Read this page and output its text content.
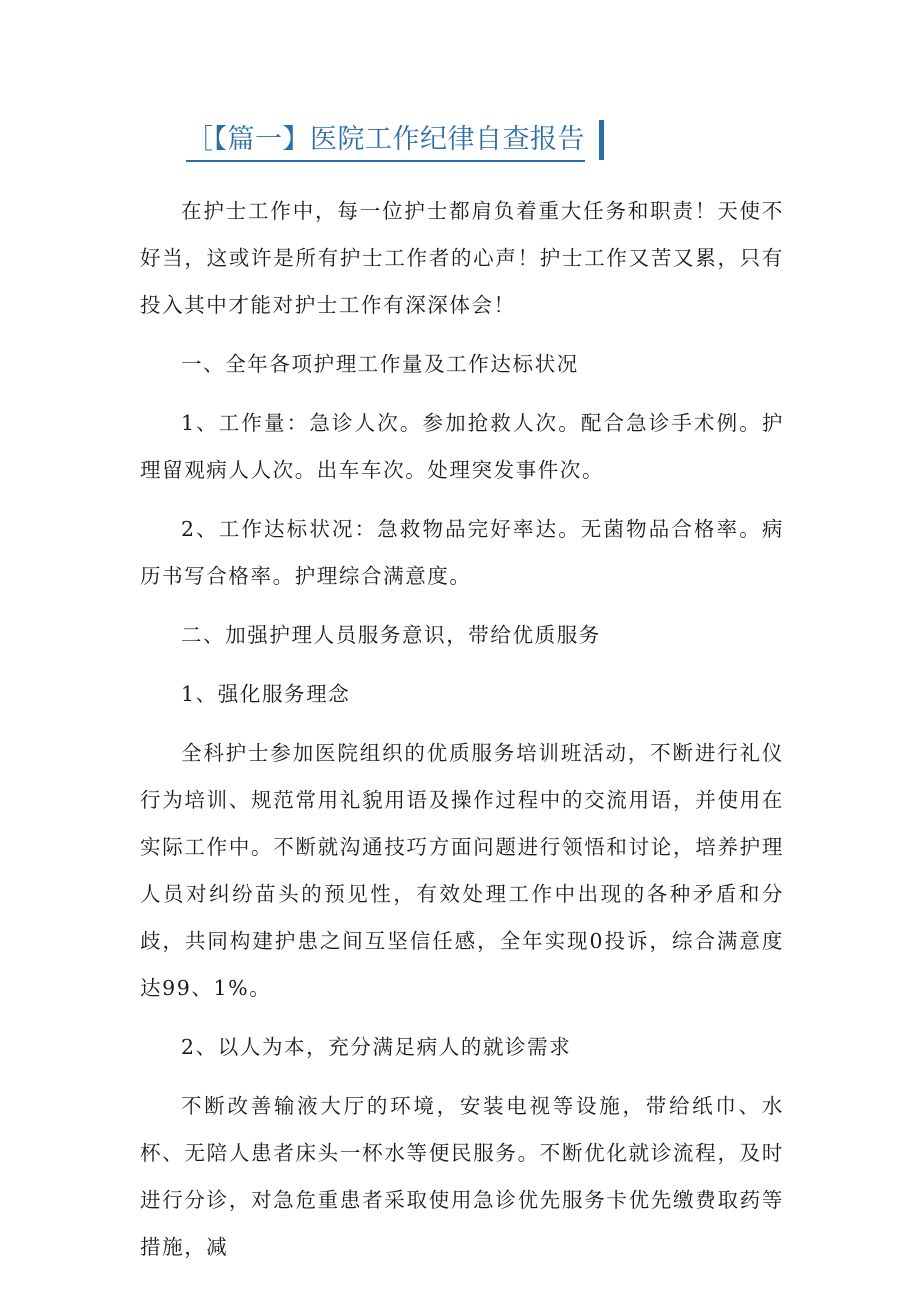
［【篇一】医院工作纪律自查报告

在护士工作中，每一位护士都肩负着重大任务和职责！天使不好当，这或许是所有护士工作者的心声！护士工作又苦又累，只有投入其中才能对护士工作有深深体会！

一、全年各项护理工作量及工作达标状况

1、工作量：急诊人次。参加抢救人次。配合急诊手术例。护理留观病人人次。出车车次。处理突发事件次。

2、工作达标状况：急救物品完好率达。无菌物品合格率。病历书写合格率。护理综合满意度。

二、加强护理人员服务意识，带给优质服务

1、强化服务理念

全科护士参加医院组织的优质服务培训班活动，不断进行礼仪行为培训、规范常用礼貌用语及操作过程中的交流用语，并使用在实际工作中。不断就沟通技巧方面问题进行领悟和讨论，培养护理人员对纠纷苗头的预见性，有效处理工作中出现的各种矛盾和分歧，共同构建护患之间互坚信任感，全年实现0投诉，综合满意度达99、1%。

2、以人为本，充分满足病人的就诊需求

不断改善输液大厅的环境，安装电视等设施，带给纸巾、水杯、无陪人患者床头一杯水等便民服务。不断优化就诊流程，及时进行分诊，对急危重患者采取使用急诊优先服务卡优先缴费取药等措施，减
